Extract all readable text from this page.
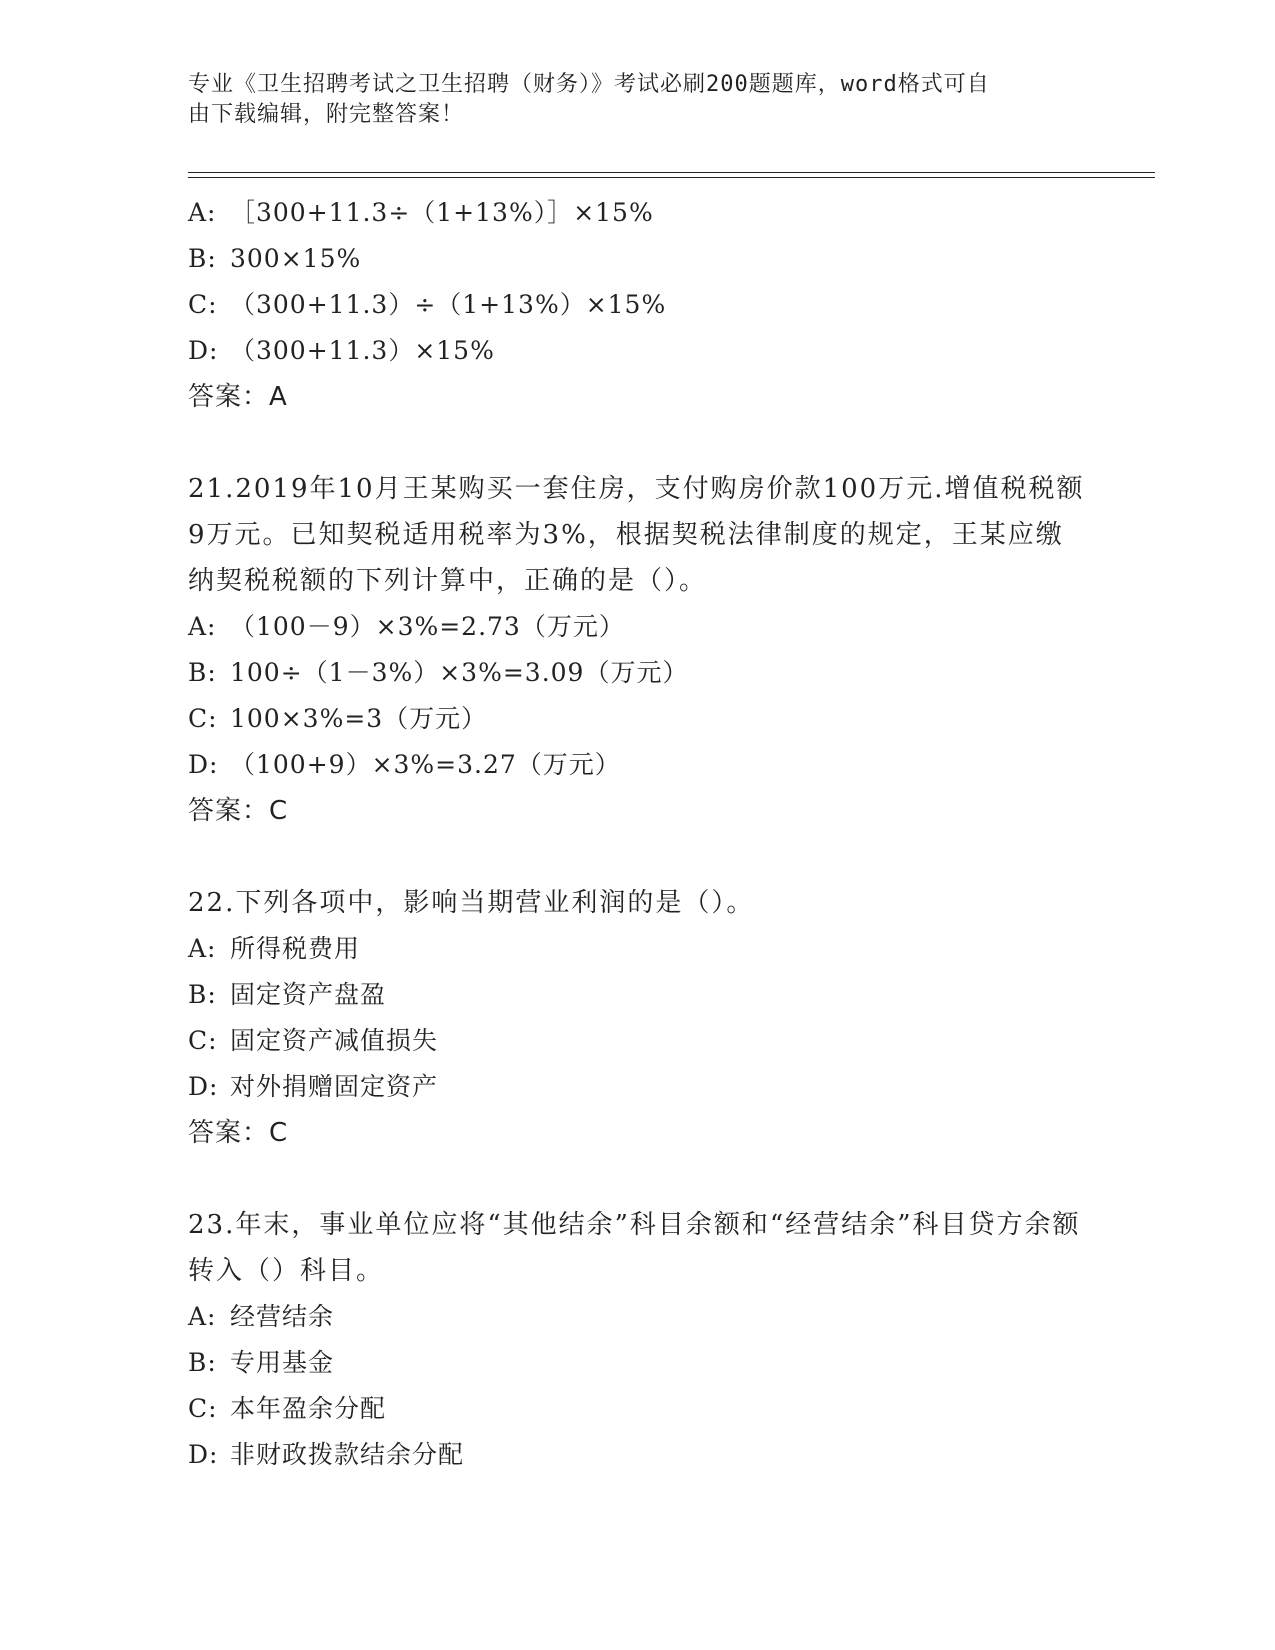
专业《卫生招聘考试之卫生招聘（财务）》考试必刷200题题库，word格式可自
由下载编辑，附完整答案！
A: ［300+11.3÷（1+13%）］×15%
B: 300×15%
C: （300+11.3）÷（1+13%）×15%
D: （300+11.3）×15%
答案：A
21.2019年10月王某购买一套住房，支付购房价款100万元.增值税税额9万元。已知契税适用税率为3%，根据契税法律制度的规定，王某应缴纳契税税额的下列计算中，正确的是（）。
A: （100－9）×3%=2.73（万元）
B: 100÷（1－3%）×3%=3.09（万元）
C: 100×3%=3（万元）
D: （100+9）×3%=3.27（万元）
答案：C
22.下列各项中，影响当期营业利润的是（）。
A: 所得税费用
B: 固定资产盘盈
C: 固定资产减值损失
D: 对外捐赠固定资产
答案：C
23.年末，事业单位应将“其他结余”科目余额和“经营结余”科目贷方余额转入（）科目。
A: 经营结余
B: 专用基金
C: 本年盈余分配
D: 非财政拨款结余分配
